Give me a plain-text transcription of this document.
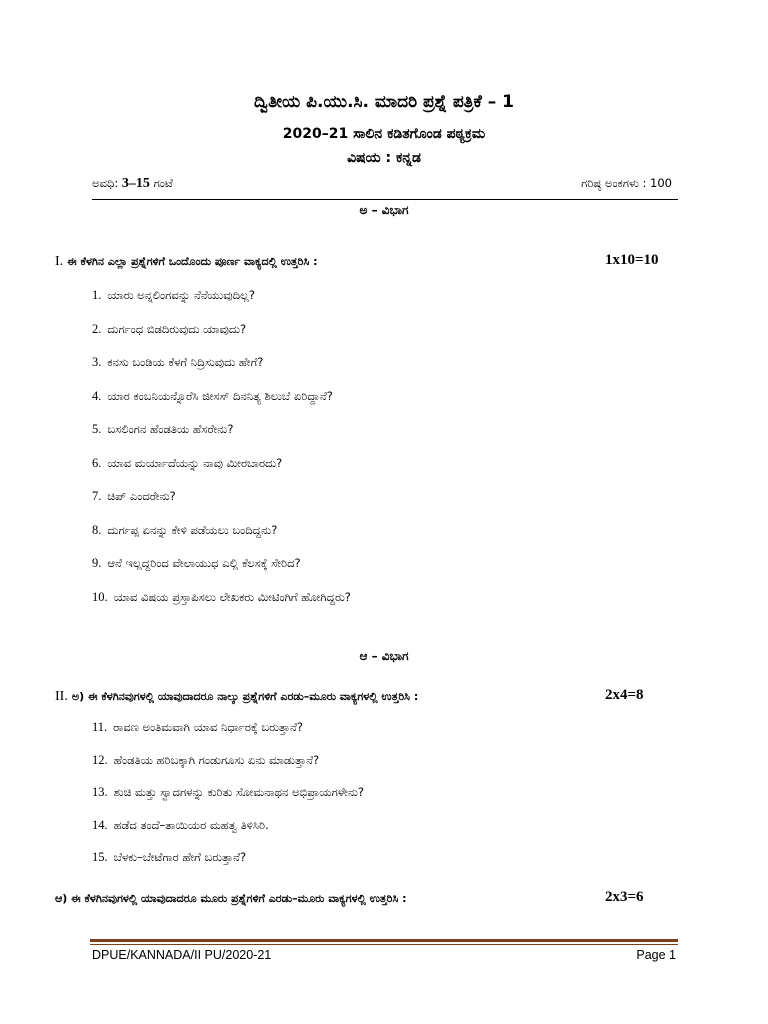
ದ್ವಿತೀಯ ಪಿ.ಯು.ಸಿ. ಮಾದರಿ ಪ್ರಶ್ನೆ ಪತ್ರಿಕೆ – 1
2020–21 ಸಾಲಿನ ಕಡಿತಗೊಂಡ ಪಠ್ಯಕ್ರಮ
ವಿಷಯ : ಕನ್ನಡ
ಅವಧಿ: 3–15 ಗಂಟೆ	ಗರಿಷ್ಠ ಅಂಕಗಳು : 100
ಅ – ವಿಭಾಗ
I. ಈ ಕೆಳಗಿನ ಎಲ್ಲಾ ಪ್ರಶ್ನೆಗಳಿಗೆ ಒಂದೊಂದು ಪೂರ್ಣ ವಾಕ್ಯದಲ್ಲಿ ಉತ್ತರಿಸಿ :	1x10=10
1. ಯಾರು ಅನ್ನಲಿಂಗವನ್ನು ನೆನೆಯುವುದಿಲ್ಲ?
2. ದುರ್ಗಂಧ ಬಿಡದಿರುವುದು ಯಾವುದು?
3. ಕನಸು ಬಂಡಿಯ ಕೆಳಗೆ ನಿದ್ರಿಸುವುದು ಹೇಗೆ?
4. ಯಾರ ಕಂಬನಿಯನ್ನೊರೆಸಿ ಜೀಸಸ್ ದಿನನಿತ್ಯ ಶಿಲುಬೆ ಏರಿದ್ದಾನೆ?
5. ಬಸಲಿಂಗನ ಹೆಂಡತಿಯ ಹೆಸರೇನು?
6. ಯಾವ ಮರ್ಯಾದೆಯನ್ನು ನಾವು ಮೀರಬಾರದು?
7. ಚಿಪ್ ಎಂದರೇನು?
8. ದುರ್ಗಪ್ಪ ಏನನ್ನು ಕೇಳಿ ಪಡೆಯಲು ಬಂದಿದ್ದನು?
9. ಆನೆ ಇಲ್ಲದ್ದರಿಂದ ವೇಲಾಯುಧ ಎಲ್ಲಿ ಕೆಲಸಕ್ಕೆ ಸೇರಿದ?
10. ಯಾವ ವಿಷಯ ಪ್ರಸ್ತಾಪಿಸಲು ಲೇಖಕರು ಮೀಟಿಂಗಿಗೆ ಹೋಗಿದ್ದರು?
ಆ – ವಿಭಾಗ
II. ಅ) ಈ ಕೆಳಗಿನವುಗಳಲ್ಲಿ ಯಾವುದಾದರೂ ನಾಲ್ಕು ಪ್ರಶ್ನೆಗಳಿಗೆ ಎರಡು–ಮೂರು ವಾಕ್ಯಗಳಲ್ಲಿ ಉತ್ತರಿಸಿ :	2x4=8
11. ರಾವಣ ಅಂತಿಮವಾಗಿ ಯಾವ ನಿರ್ಧಾರಕ್ಕೆ ಬರುತ್ತಾನೆ?
12. ಹೆಂಡತಿಯ ಹರಿಬಕ್ಕಾಗಿ ಗಂಡುಗೂಸು ಏನು ಮಾಡುತ್ತಾನೆ?
13. ಶುಚಿ ಮತ್ತು ಸ್ವಾದಗಳನ್ನು ಕುರಿತು ಸೋಮನಾಥನ ಅಭಿಪ್ರಾಯಗಳೇನು?
14. ಹಡೆದ ತಂದೆ–ತಾಯಿಯರ ಮಹತ್ವ ತಿಳಿಸಿರಿ.
15. ಬೆಳಕು–ಬೇಟೆಗಾರ ಹೇಗೆ ಬರುತ್ತಾನೆ?
ಆ) ಈ ಕೆಳಗಿನವುಗಳಲ್ಲಿ ಯಾವುದಾದರೂ ಮೂರು ಪ್ರಶ್ನೆಗಳಿಗೆ ಎರಡು–ಮೂರು ವಾಕ್ಯಗಳಲ್ಲಿ ಉತ್ತರಿಸಿ :	2x3=6
DPUE/KANNADA/II PU/2020-21	Page 1
